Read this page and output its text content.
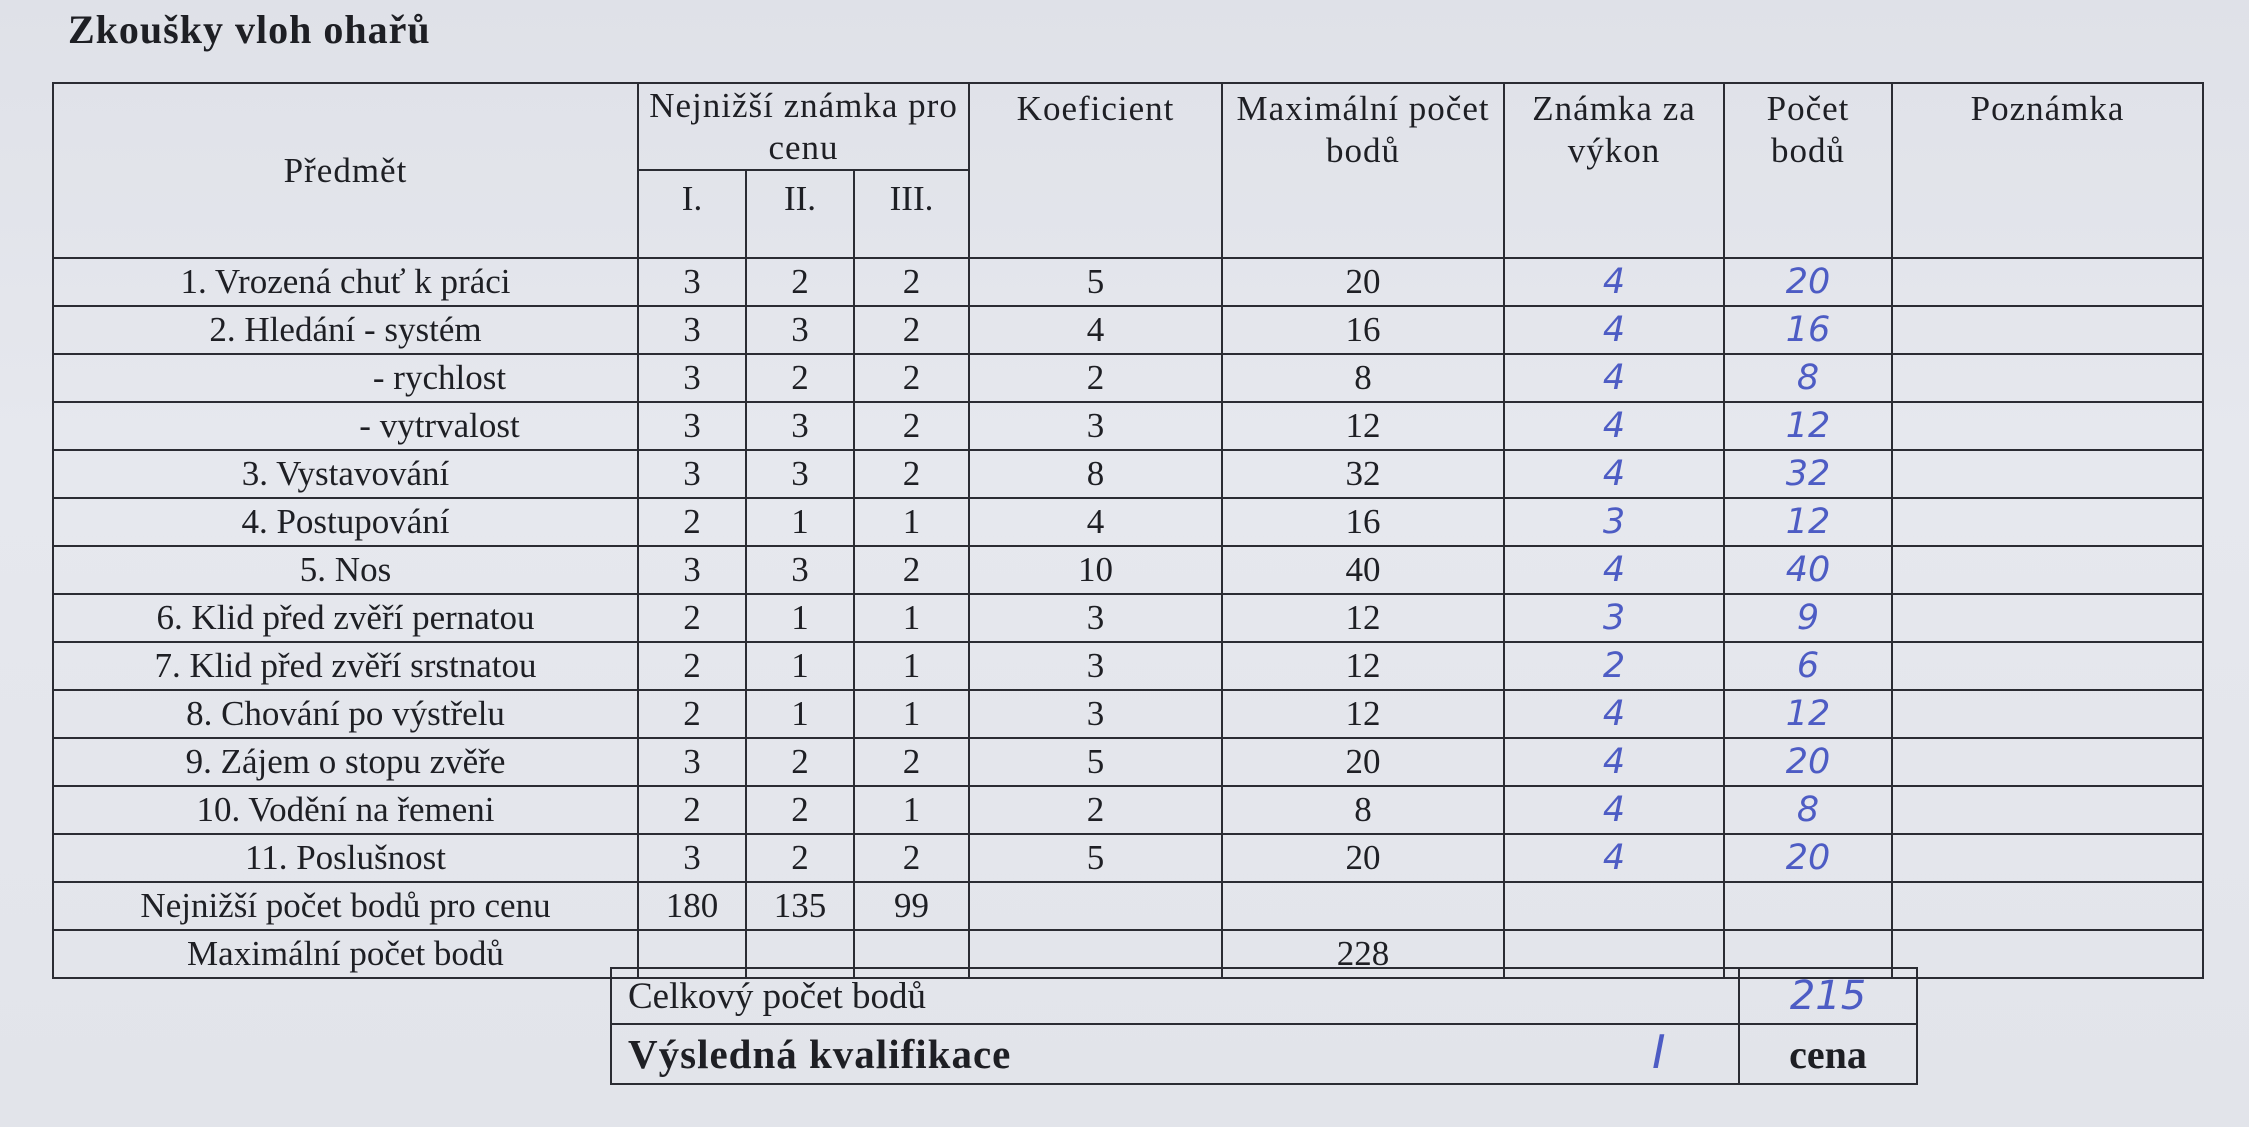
Zkoušky vloh ohařů
Předmět	Nejnižší známka pro cenu			Koeficient	Maximální počet bodů	Známka za výkon	Počet bodů	Poznámka
	I.	II.	III.					
1. Vrozená chuť k práci	3	2	2	5	20	4	20	
2. Hledání - systém	3	3	2	4	16	4	16	
- rychlost	3	2	2	2	8	4	8	
- vytrvalost	3	3	2	3	12	4	12	
3. Vystavování	3	3	2	8	32	4	32	
4. Postupování	2	1	1	4	16	3	12	
5. Nos	3	3	2	10	40	4	40	
6. Klid před zvěří pernatou	2	1	1	3	12	3	9	
7. Klid před zvěří srstnatou	2	1	1	3	12	2	6	
8. Chování po výstřelu	2	1	1	3	12	4	12	
9. Zájem o stopu zvěře	3	2	2	5	20	4	20	
10. Vodění na řemeni	2	2	1	2	8	4	8	
11. Poslušnost	3	2	2	5	20	4	20	
Nejnižší počet bodů pro cenu	180	135	99					
Maximální počet bodů					228			
Celkový počet bodů	215
Výsledná kvalifikace I	cena
